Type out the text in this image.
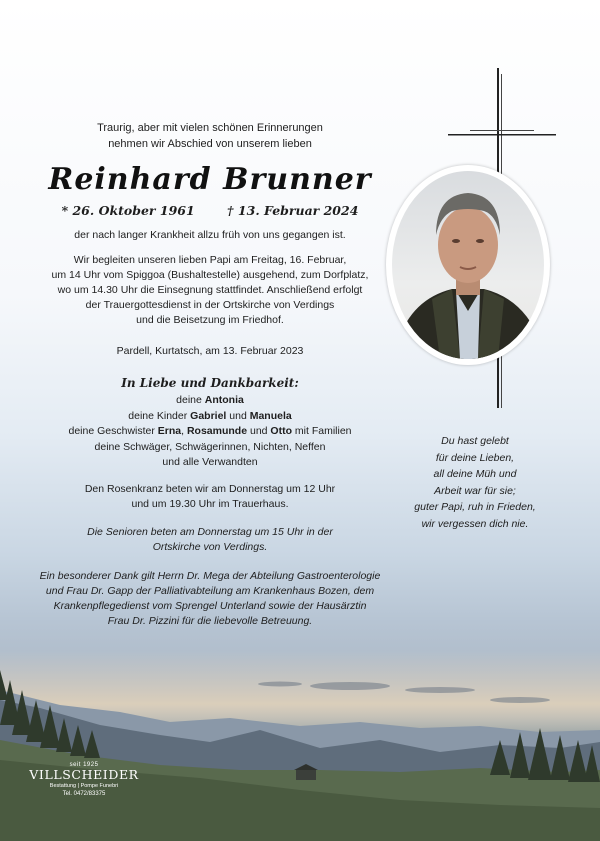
Traurig, aber mit vielen schönen Erinnerungen
nehmen wir Abschied von unserem lieben
Reinhard Brunner
* 26. Oktober 1961	† 13. Februar 2024
der nach langer Krankheit allzu früh von uns gegangen ist.
Wir begleiten unseren lieben Papi am Freitag, 16. Februar,
um 14 Uhr vom Spiggoa (Bushaltestelle) ausgehend, zum Dorfplatz,
wo um 14.30 Uhr die Einsegnung stattfindet. Anschließend erfolgt
der Trauergottesdienst in der Ortskirche von Verdings
und die Beisetzung im Friedhof.
Pardell, Kurtatsch, am 13. Februar 2023
In Liebe und Dankbarkeit:
deine Antonia
deine Kinder Gabriel und Manuela
deine Geschwister Erna, Rosamunde und Otto mit Familien
deine Schwäger, Schwägerinnen, Nichten, Neffen
und alle Verwandten
Den Rosenkranz beten wir am Donnerstag um 12 Uhr
und um 19.30 Uhr im Trauerhaus.
Die Senioren beten am Donnerstag um 15 Uhr in der
Ortskirche von Verdings.
Ein besonderer Dank gilt Herrn Dr. Mega der Abteilung Gastroenterologie
und Frau Dr. Gapp der Palliativabteilung am Krankenhaus Bozen, dem
Krankenpflegedienst vom Sprengel Unterland sowie der Hausärztin
Frau Dr. Pizzini für die liebevolle Betreuung.
Du hast gelebt
für deine Lieben,
all deine Müh und
Arbeit war für sie;
guter Papi, ruh in Frieden,
wir vergessen dich nie.
seit 1925
VILLSCHEIDER
Bestattung | Pompe Funebri
Tel. 0472/83375
